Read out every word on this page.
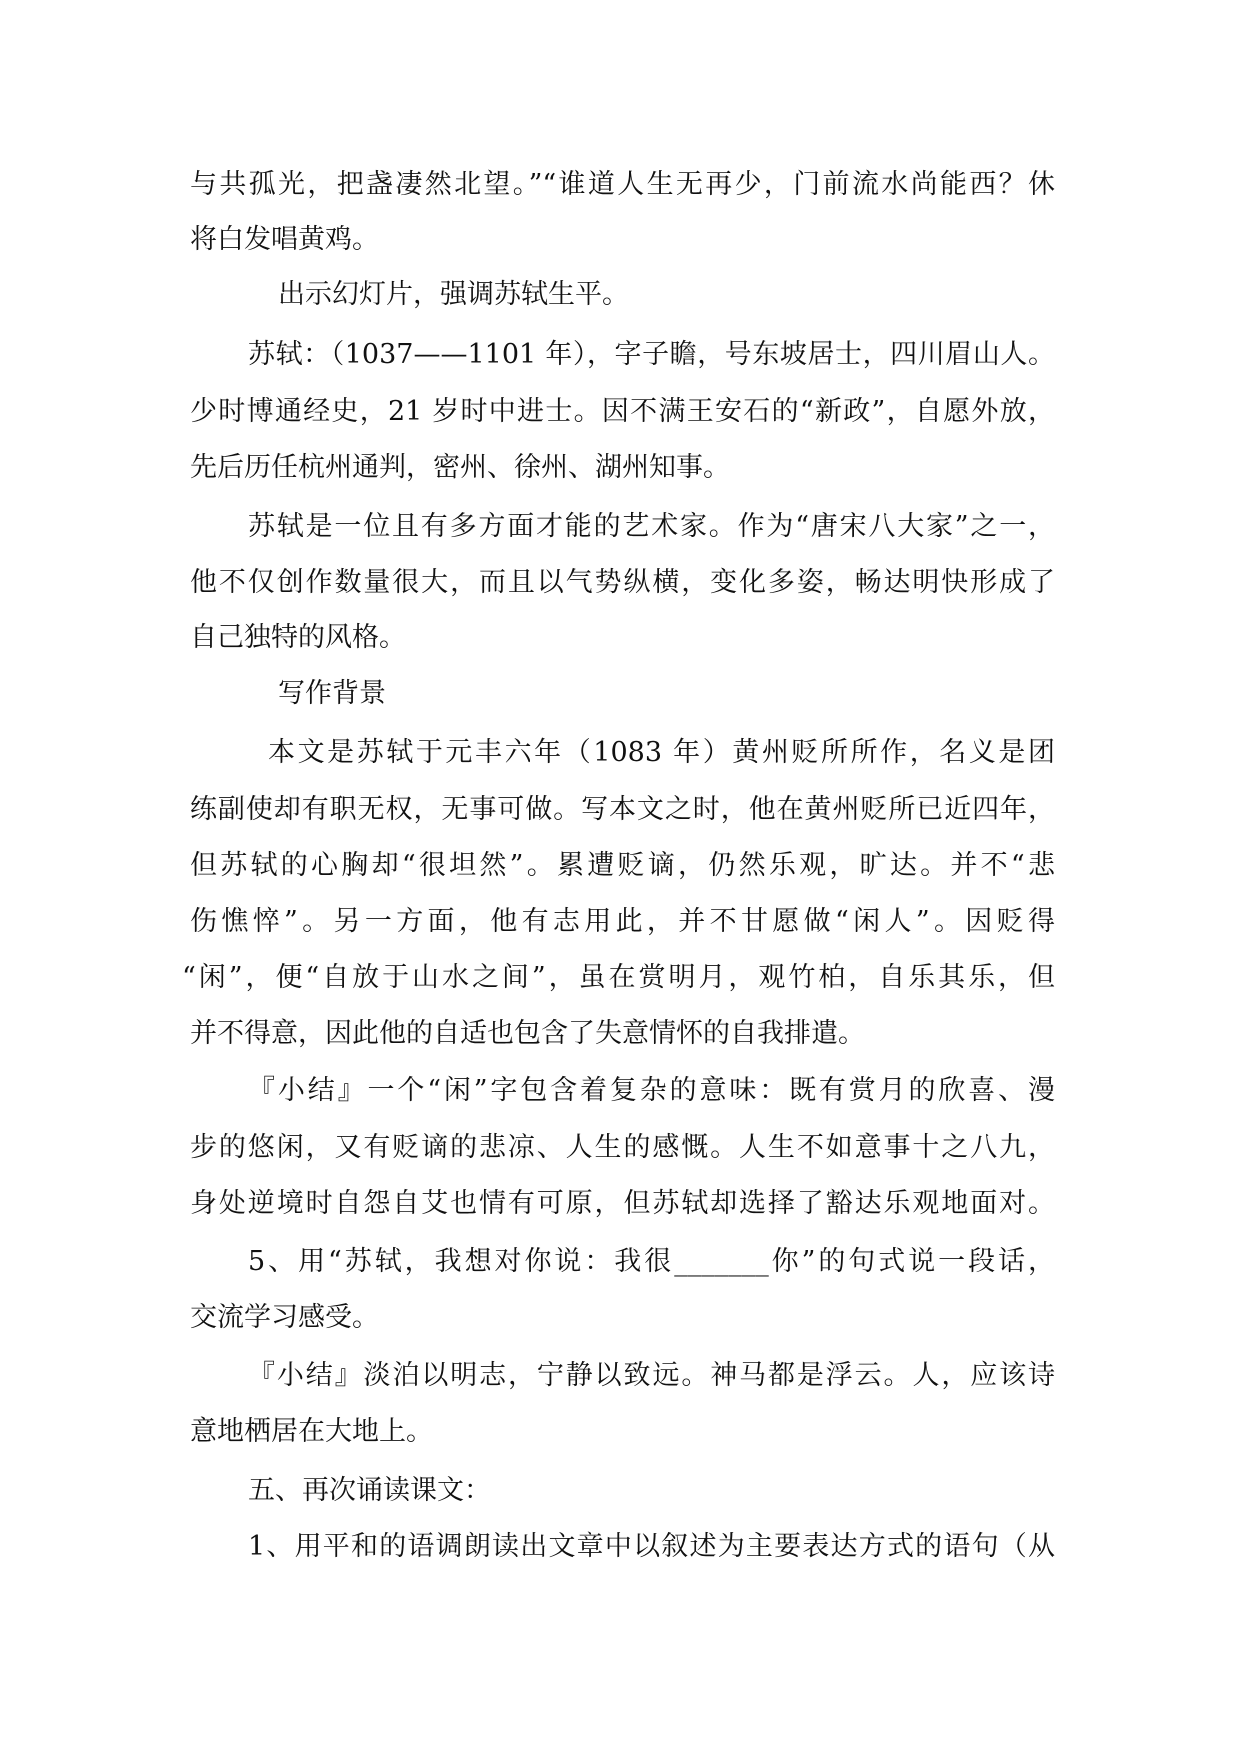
与共孤光，把盏凄然北望。”“谁道人生无再少，门前流水尚能西？休
将白发唱黄鸡。
出示幻灯片，强调苏轼生平。
苏轼：（1037——1101 年），字子瞻，号东坡居士，四川眉山人。
少时博通经史，21 岁时中进士。因不满王安石的“新政”，自愿外放，
先后历任杭州通判，密州、徐州、湖州知事。
苏轼是一位且有多方面才能的艺术家。作为“唐宋八大家”之一，
他不仅创作数量很大，而且以气势纵横，变化多姿，畅达明快形成了
自己独特的风格。
写作背景
本文是苏轼于元丰六年（1083 年）黄州贬所所作，名义是团
练副使却有职无权，无事可做。写本文之时，他在黄州贬所已近四年，
但苏轼的心胸却“很坦然”。累遭贬谪，仍然乐观，旷达。并不“悲
伤憔悴”。另一方面，他有志用此，并不甘愿做“闲人”。因贬得
“闲”，便“自放于山水之间”，虽在赏明月，观竹柏，自乐其乐，但
并不得意，因此他的自适也包含了失意情怀的自我排遣。
『小结』一个“闲”字包含着复杂的意味：既有赏月的欣喜、漫
步的悠闲，又有贬谪的悲凉、人生的感慨。人生不如意事十之八九，
身处逆境时自怨自艾也情有可原，但苏轼却选择了豁达乐观地面对。
5、用“苏轼，我想对你说：我很_______你”的句式说一段话，
交流学习感受。
『小结』淡泊以明志，宁静以致远。神马都是浮云。人，应该诗
意地栖居在大地上。
五、再次诵读课文：
1、用平和的语调朗读出文章中以叙述为主要表达方式的语句（从
